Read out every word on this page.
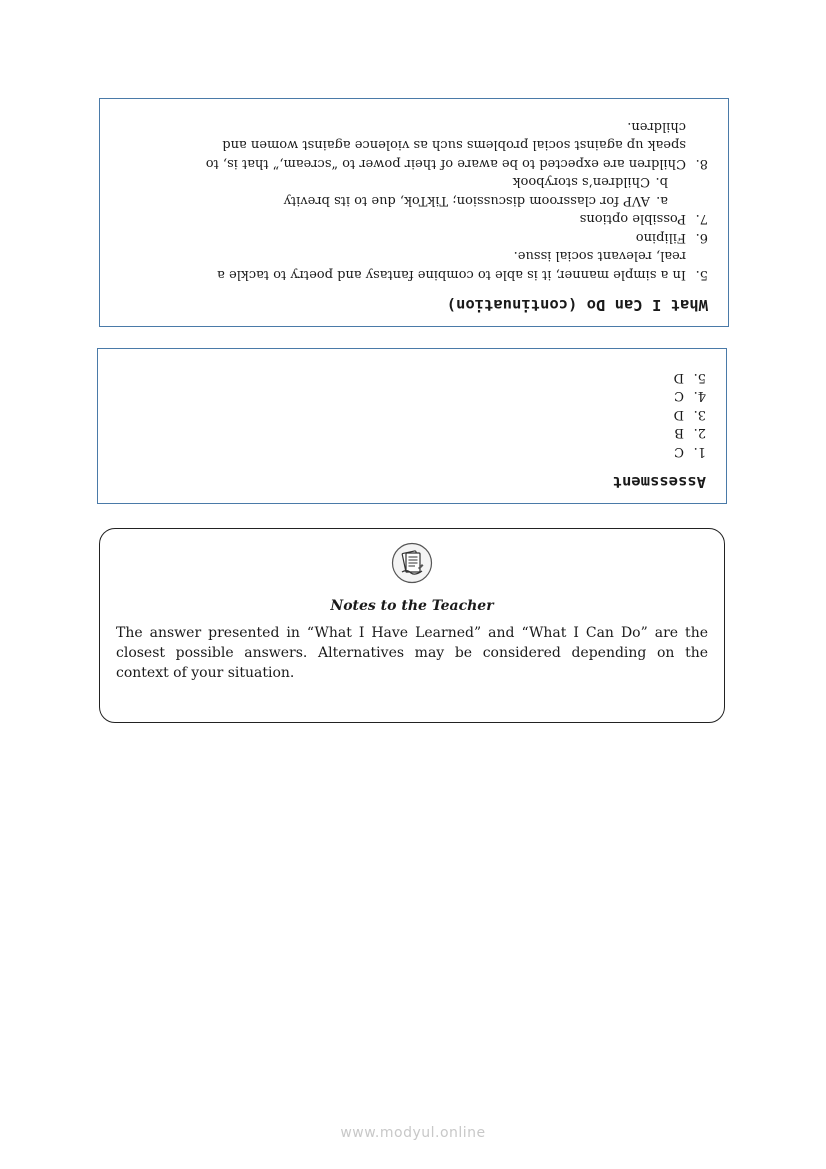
What I Can Do (continuation)
5.
In a simple manner, it is able to combine fantasy and poetry to tackle a
real, relevant social issue.
6.
Filipino
7.
Possible options
a.
AVP for classroom discussion; TikTok, due to its brevity
b.
Children’s storybook
8.
Children are expected to be aware of their power to “scream,” that is, to
speak up against social problems such as violence against women and
children.
Assessment
1.
C
2.
B
3.
D
4.
C
5.
D
Notes to the Teacher
The answer presented in “What I Have Learned” and “What I Can Do” are the closest possible answers. Alternatives may be considered depending on the context of your situation.
www.modyul.online
